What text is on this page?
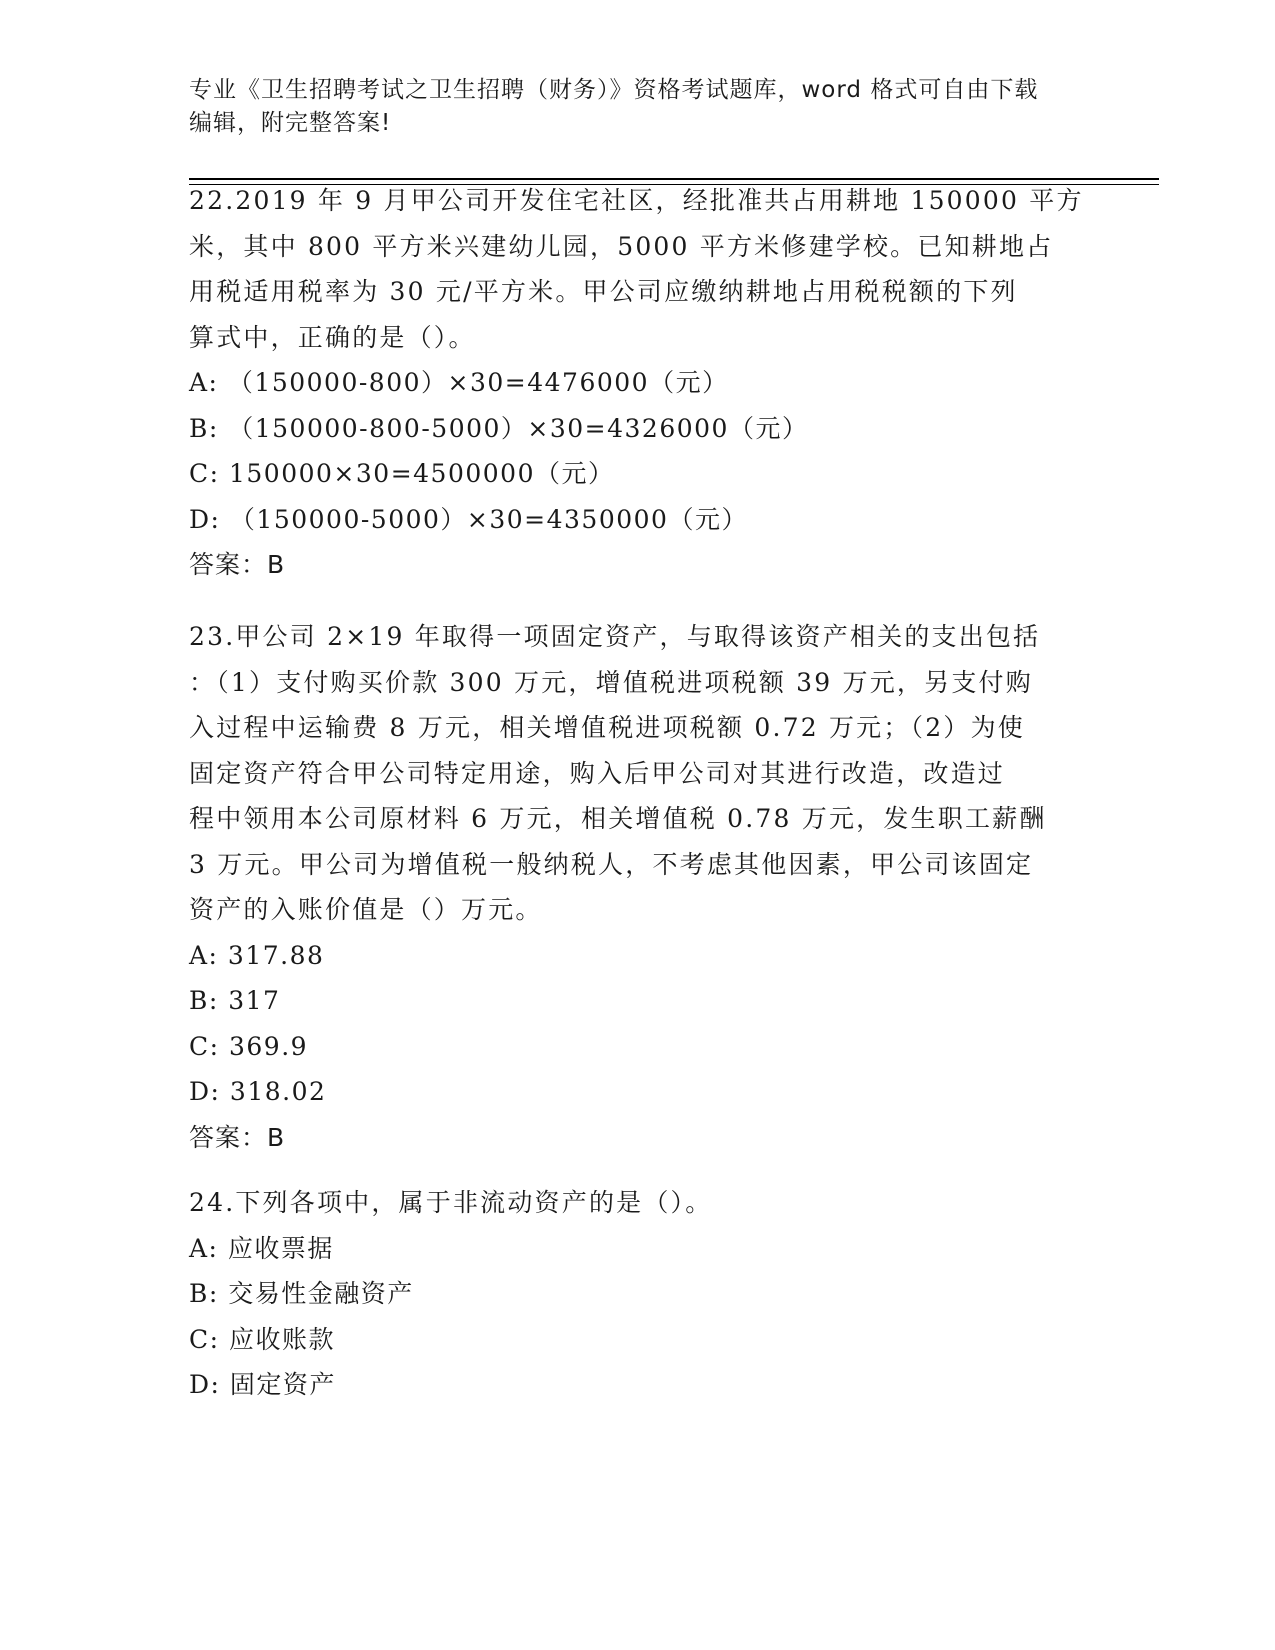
专业《卫生招聘考试之卫生招聘（财务）》资格考试题库，word 格式可自由下载
编辑，附完整答案!
22.2019 年 9 月甲公司开发住宅社区，经批准共占用耕地 150000 平方
米，其中 800 平方米兴建幼儿园，5000 平方米修建学校。已知耕地占
用税适用税率为 30 元/平方米。甲公司应缴纳耕地占用税税额的下列
算式中，正确的是（）。
A: （150000-800）×30=4476000（元）
B: （150000-800-5000）×30=4326000（元）
C: 150000×30=4500000（元）
D: （150000-5000）×30=4350000（元）
答案：B
23.甲公司 2×19 年取得一项固定资产，与取得该资产相关的支出包括
：（1）支付购买价款 300 万元，增值税进项税额 39 万元，另支付购
入过程中运输费 8 万元，相关增值税进项税额 0.72 万元；（2）为使
固定资产符合甲公司特定用途，购入后甲公司对其进行改造，改造过
程中领用本公司原材料 6 万元，相关增值税 0.78 万元，发生职工薪酬
3 万元。甲公司为增值税一般纳税人，不考虑其他因素，甲公司该固定
资产的入账价值是（）万元。
A: 317.88
B: 317
C: 369.9
D: 318.02
答案：B
24.下列各项中，属于非流动资产的是（）。
A: 应收票据
B: 交易性金融资产
C: 应收账款
D: 固定资产
